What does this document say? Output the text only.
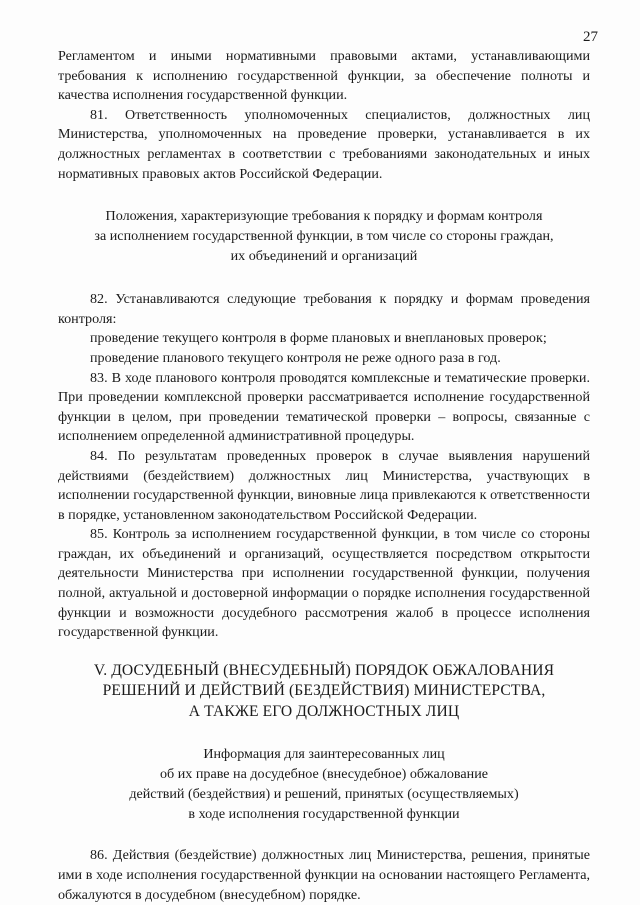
27

Регламентом и иными нормативными правовыми актами, устанавливающими требования к исполнению государственной функции, за обеспечение полноты и качества исполнения государственной функции.

81. Ответственность уполномоченных специалистов, должностных лиц Министерства, уполномоченных на проведение проверки, устанавливается в их должностных регламентах в соответствии с требованиями законодательных и иных нормативных правовых актов Российской Федерации.

Положения, характеризующие требования к порядку и формам контроля
за исполнением государственной функции, в том числе со стороны граждан,
их объединений и организаций

82. Устанавливаются следующие требования к порядку и формам проведения контроля:

проведение текущего контроля в форме плановых и внеплановых проверок;

проведение планового текущего контроля не реже одного раза в год.

83. В ходе планового контроля проводятся комплексные и тематические проверки. При проведении комплексной проверки рассматривается исполнение государственной функции в целом, при проведении тематической проверки – вопросы, связанные с исполнением определенной административной процедуры.

84. По результатам проведенных проверок в случае выявления нарушений действиями (бездействием) должностных лиц Министерства, участвующих в исполнении государственной функции, виновные лица привлекаются к ответственности в порядке, установленном законодательством Российской Федерации.

85. Контроль за исполнением государственной функции, в том числе со стороны граждан, их объединений и организаций, осуществляется посредством открытости деятельности Министерства при исполнении государственной функции, получения полной, актуальной и достоверной информации о порядке исполнения государственной функции и возможности досудебного рассмотрения жалоб в процессе исполнения государственной функции.

V. ДОСУДЕБНЫЙ (ВНЕСУДЕБНЫЙ) ПОРЯДОК ОБЖАЛОВАНИЯ
РЕШЕНИЙ И ДЕЙСТВИЙ (БЕЗДЕЙСТВИЯ) МИНИСТЕРСТВА,
А ТАКЖЕ ЕГО ДОЛЖНОСТНЫХ ЛИЦ
Информация для заинтересованных лиц
об их праве на досудебное (внесудебное) обжалование
действий (бездействия) и решений, принятых (осуществляемых)
в ходе исполнения государственной функции

86. Действия (бездействие) должностных лиц Министерства, решения, принятые ими в ходе исполнения государственной функции на основании настоящего Регламента, обжалуются в досудебном (внесудебном) порядке.
